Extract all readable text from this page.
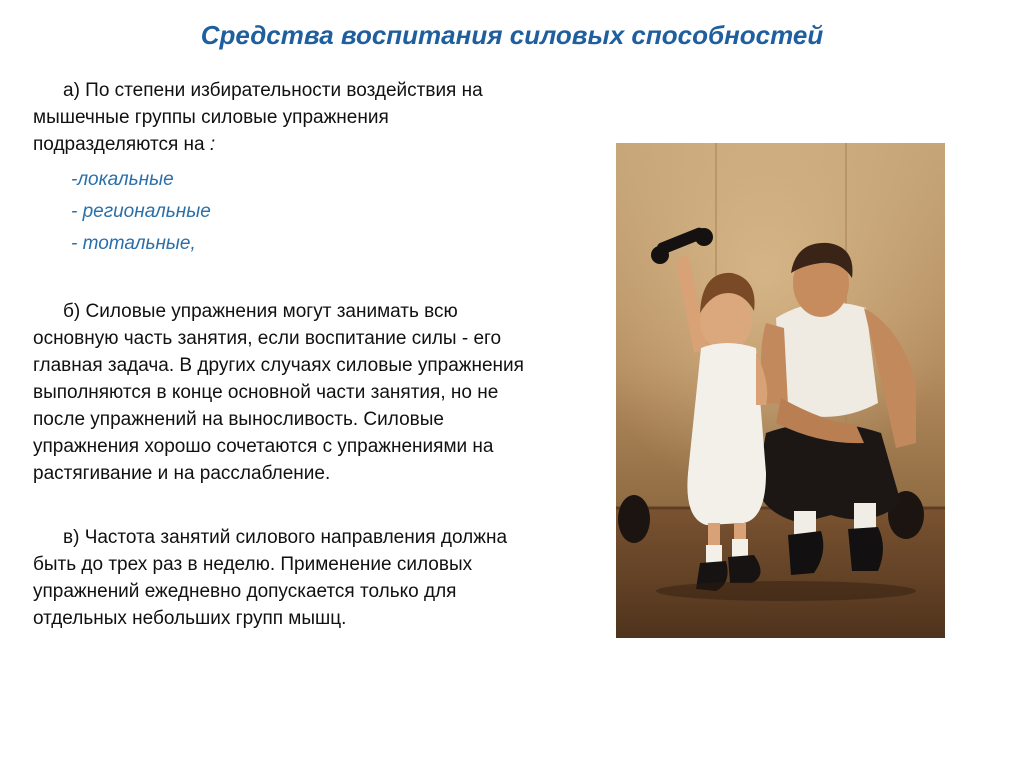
Средства воспитания силовых способностей

а) По степени избирательности воздействия на мышечные группы силовые упражнения подразделяются на :

-локальные
- региональные
- тотальные,

б) Силовые упражнения могут занимать всю основную часть занятия, если воспитание силы - его главная задача. В других случаях силовые упражнения выполняются в конце основной части занятия, но не после упражнений на выносливость. Силовые упражнения хорошо сочетаются с упражнениями на растягивание и на расслабление.

в) Частота занятий силового направления должна быть до трех раз в неделю. Применение силовых упражнений ежедневно допускается только для отдельных небольших групп мышц.
